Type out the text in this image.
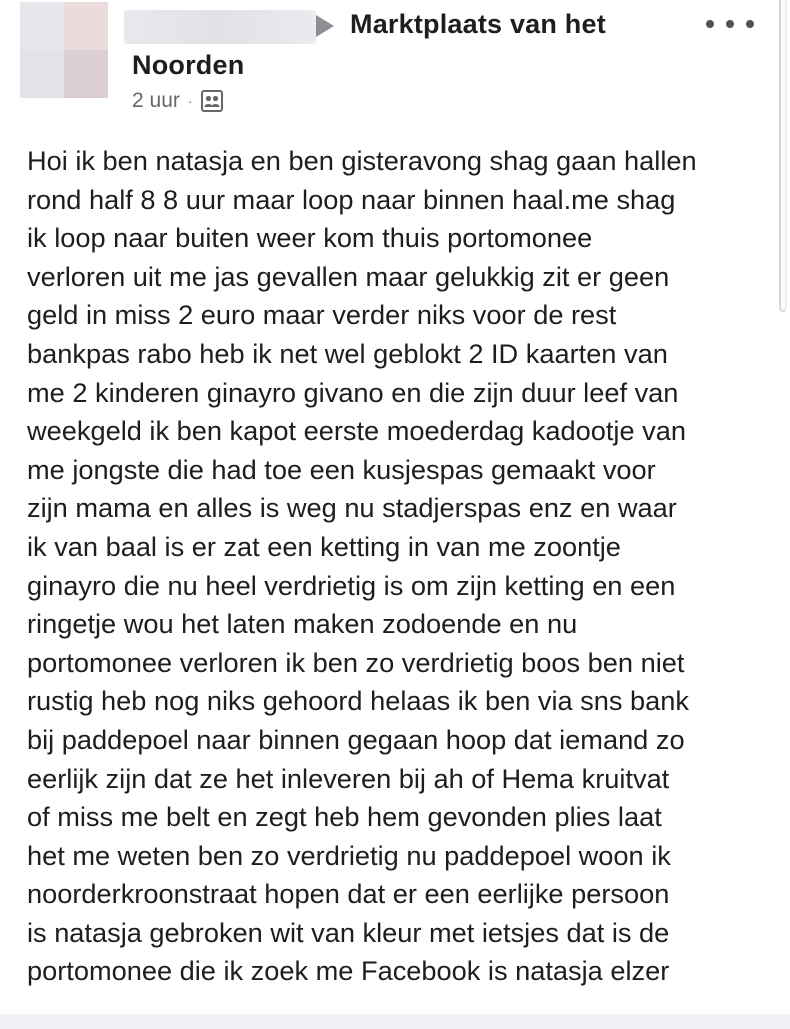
Marktplaats van het Noorden
2 uur ·
Hoi ik ben natasja en ben gisteravong shag gaan hallen
rond half 8 8 uur maar loop naar binnen haal.me shag
ik loop naar buiten weer kom thuis portomonee
verloren uit me jas gevallen maar gelukkig zit er geen
geld in miss 2 euro maar verder niks voor de rest
bankpas rabo heb ik net wel geblokt 2 ID kaarten van
me 2 kinderen ginayro givano en die zijn duur leef van
weekgeld ik ben kapot eerste moederdag kadootje van
me jongste die had toe een kusjespas gemaakt voor
zijn mama en alles is weg nu stadjerspas enz en waar
ik van baal is er zat een ketting in van me zoontje
ginayro die nu heel verdrietig is om zijn ketting en een
ringetje wou het laten maken zodoende en nu
portomonee verloren ik ben zo verdrietig boos ben niet
rustig heb nog niks gehoord helaas ik ben via sns bank
bij paddepoel naar binnen gegaan hoop dat iemand zo
eerlijk zijn dat ze het inleveren bij ah of Hema kruitvat
of miss me belt en zegt heb hem gevonden plies laat
het me weten ben zo verdrietig nu paddepoel woon ik
noorderkroonstraat hopen dat er een eerlijke persoon
is natasja gebroken wit van kleur met ietsjes dat is de
portomonee die ik zoek me Facebook is natasja elzer
